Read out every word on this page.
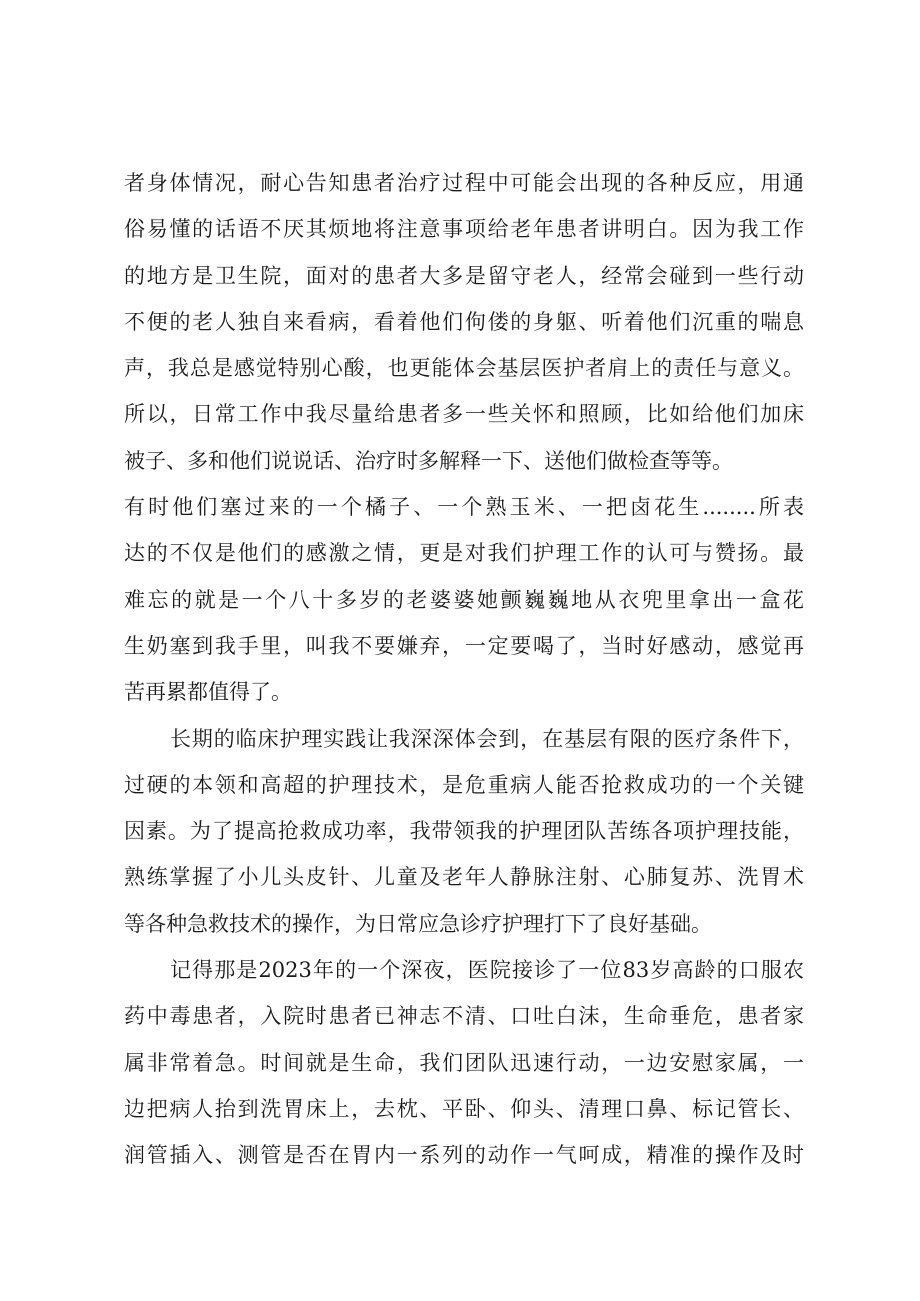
者身体情况，耐心告知患者治疗过程中可能会出现的各种反应，用通
俗易懂的话语不厌其烦地将注意事项给老年患者讲明白。因为我工作
的地方是卫生院，面对的患者大多是留守老人，经常会碰到一些行动
不便的老人独自来看病，看着他们佝偻的身躯、听着他们沉重的喘息
声，我总是感觉特别心酸，也更能体会基层医护者肩上的责任与意义。
所以，日常工作中我尽量给患者多一些关怀和照顾，比如给他们加床
被子、多和他们说说话、治疗时多解释一下、送他们做检查等等。
有时他们塞过来的一个橘子、一个熟玉米、一把卤花生........所表
达的不仅是他们的感激之情，更是对我们护理工作的认可与赞扬。最
难忘的就是一个八十多岁的老婆婆她颤巍巍地从衣兜里拿出一盒花
生奶塞到我手里，叫我不要嫌弃，一定要喝了，当时好感动，感觉再
苦再累都值得了。
长期的临床护理实践让我深深体会到，在基层有限的医疗条件下，
过硬的本领和高超的护理技术，是危重病人能否抢救成功的一个关键
因素。为了提高抢救成功率，我带领我的护理团队苦练各项护理技能，
熟练掌握了小儿头皮针、儿童及老年人静脉注射、心肺复苏、洗胃术
等各种急救技术的操作，为日常应急诊疗护理打下了良好基础。
记得那是2023年的一个深夜，医院接诊了一位83岁高龄的口服农
药中毒患者，入院时患者已神志不清、口吐白沫，生命垂危，患者家
属非常着急。时间就是生命，我们团队迅速行动，一边安慰家属，一
边把病人抬到洗胃床上，去枕、平卧、仰头、清理口鼻、标记管长、
润管插入、测管是否在胃内一系列的动作一气呵成，精准的操作及时
